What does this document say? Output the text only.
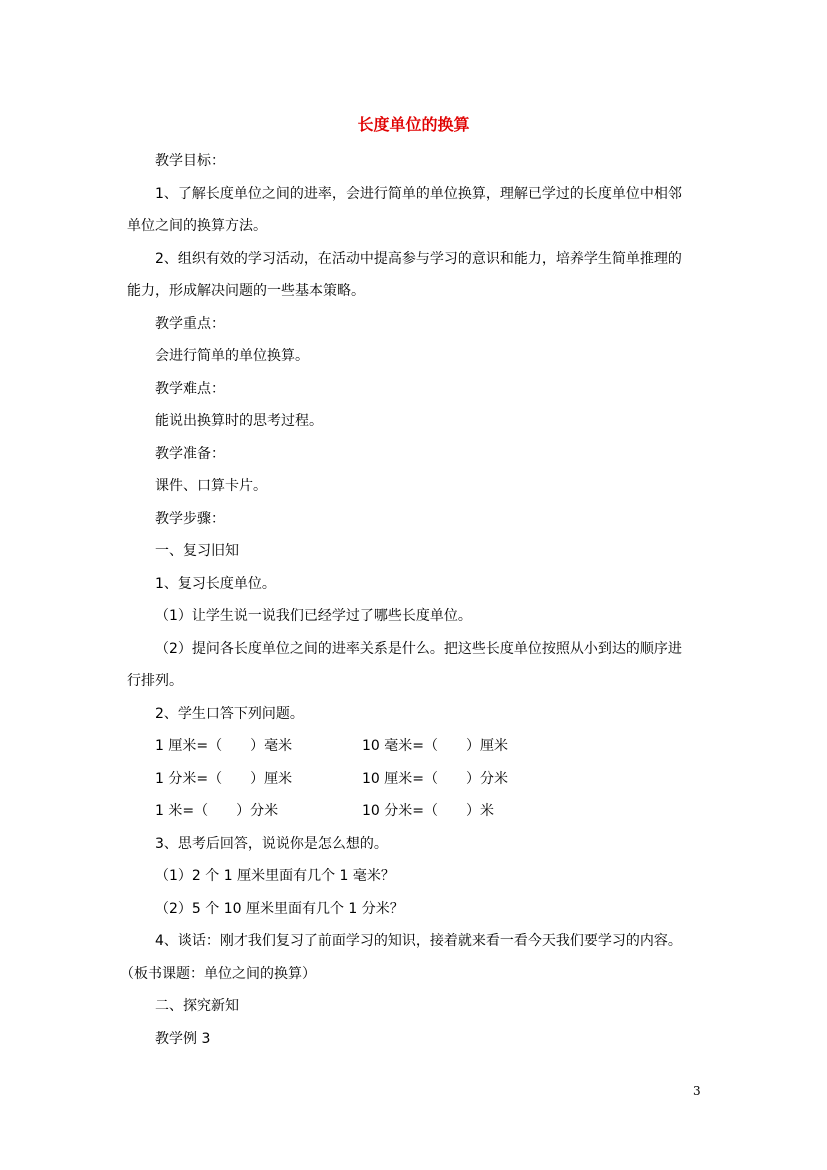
长度单位的换算
教学目标：
1、了解长度单位之间的进率，会进行简单的单位换算，理解已学过的长度单位中相邻
单位之间的换算方法。
2、组织有效的学习活动，在活动中提高参与学习的意识和能力，培养学生简单推理的
能力，形成解决问题的一些基本策略。
教学重点：
会进行简单的单位换算。
教学难点：
能说出换算时的思考过程。
教学准备：
课件、口算卡片。
教学步骤：
一、复习旧知
1、复习长度单位。
（1）让学生说一说我们已经学过了哪些长度单位。
（2）提问各长度单位之间的进率关系是什么。把这些长度单位按照从小到达的顺序进
行排列。
2、学生口答下列问题。
1 厘米=（　　）毫米	10 毫米=（　　）厘米
1 分米=（　　）厘米	10 厘米=（　　）分米
1 米=（　　）分米	10 分米=（　　）米
3、思考后回答，说说你是怎么想的。
（1）2 个 1 厘米里面有几个 1 毫米？
（2）5 个 10 厘米里面有几个 1 分米？
4、谈话：刚才我们复习了前面学习的知识，接着就来看一看今天我们要学习的内容。
（板书课题：单位之间的换算）
二、探究新知
教学例 3
3
